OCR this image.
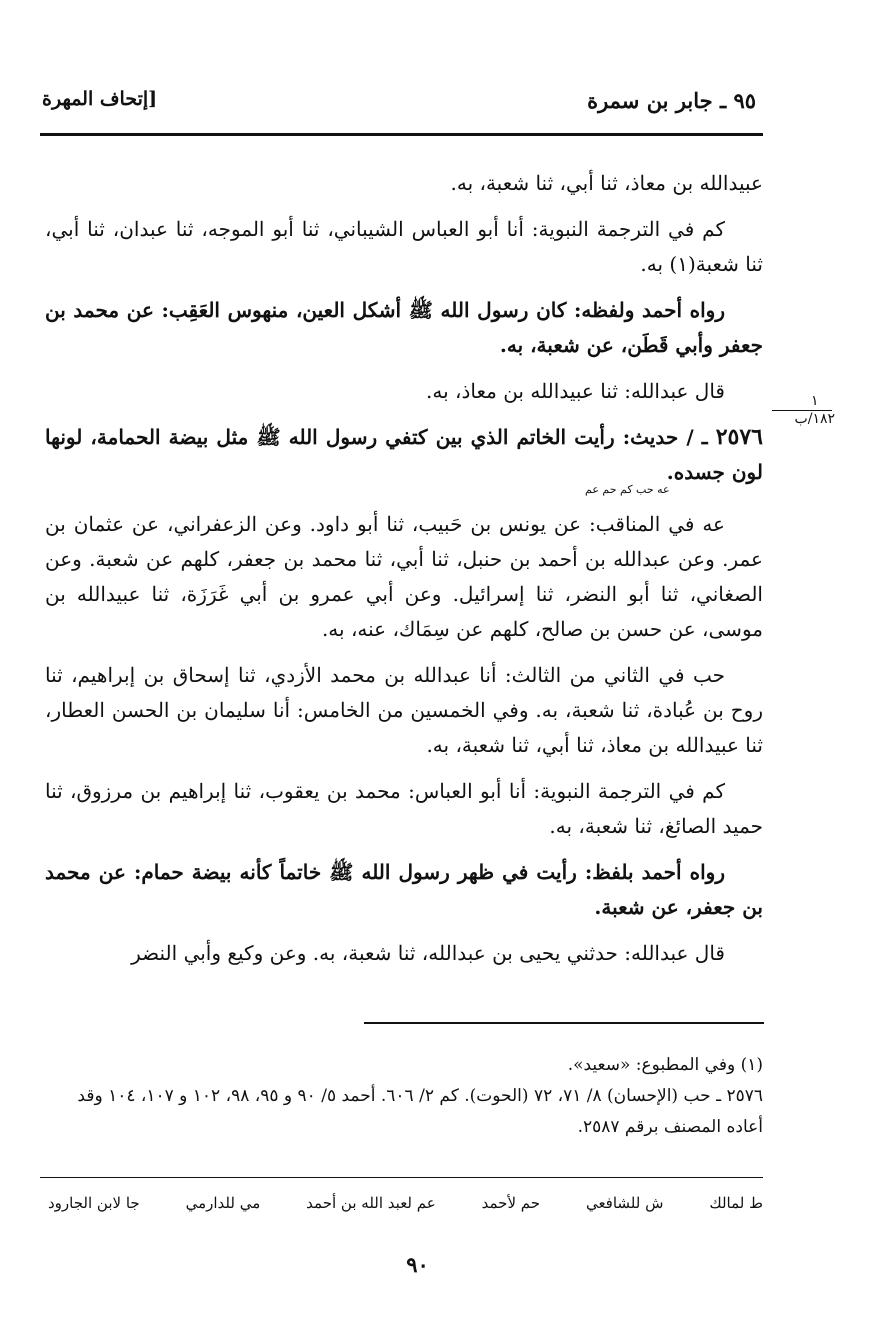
٩٥ ـ جابر بن سمرة
[إتحاف المهرة
١
١٨٢/ب

عبيدالله بن معاذ، ثنا أبي، ثنا شعبة، به.

كم في الترجمة النبوية: أنا أبو العباس الشيباني، ثنا أبو الموجه، ثنا عبدان، ثنا أبي، ثنا شعبة(١) به.

رواه أحمد ولفظه: كان رسول الله ﷺ أشكل العين، منهوس العَقِب: عن محمد بن جعفر وأبي قَطَن، عن شعبة، به.

قال عبدالله: ثنا عبيدالله بن معاذ، به.

٢٥٧٦ ـ / حديث: رأيت الخاتم الذي بين كتفي رسول الله ﷺ مثل بيضة الحمامة، لونها لون جسده.
عه حب كم حم عم

عه في المناقب: عن يونس بن حَبيب، ثنا أبو داود. وعن الزعفراني، عن عثمان بن عمر. وعن عبدالله بن أحمد بن حنبل، ثنا أبي، ثنا محمد بن جعفر، كلهم عن شعبة. وعن الصغاني، ثنا أبو النضر، ثنا إسرائيل. وعن أبي عمرو بن أبي غَرَزَة، ثنا عبيدالله بن موسى، عن حسن بن صالح، كلهم عن سِمَاك، عنه، به.

حب في الثاني من الثالث: أنا عبدالله بن محمد الأزدي، ثنا إسحاق بن إبراهيم، ثنا روح بن عُبادة، ثنا شعبة، به. وفي الخمسين من الخامس: أنا سليمان بن الحسن العطار، ثنا عبيدالله بن معاذ، ثنا أبي، ثنا شعبة، به.

كم في الترجمة النبوية: أنا أبو العباس: محمد بن يعقوب، ثنا إبراهيم بن مرزوق، ثنا حميد الصائغ، ثنا شعبة، به.

رواه أحمد بلفظ: رأيت في ظهر رسول الله ﷺ خاتماً كأنه بيضة حمام: عن محمد بن جعفر، عن شعبة.

قال عبدالله: حدثني يحيى بن عبدالله، ثنا شعبة، به. وعن وكيع وأبي النضر

(١) وفي المطبوع: «سعيد».

٢٥٧٦ ـ حب (الإحسان) ٨/ ٧١، ٧٢ (الحوت). كم ٢/ ٦٠٦. أحمد ٥/ ٩٠ و ٩٥، ٩٨، ١٠٢ و ١٠٧، ١٠٤ وقد أعاده المصنف برقم ٢٥٨٧.

ط لمالك
ش للشافعي
حم لأحمد
عم لعبد الله بن أحمد
مي للدارمي
جا لابن الجارود
٩٠
